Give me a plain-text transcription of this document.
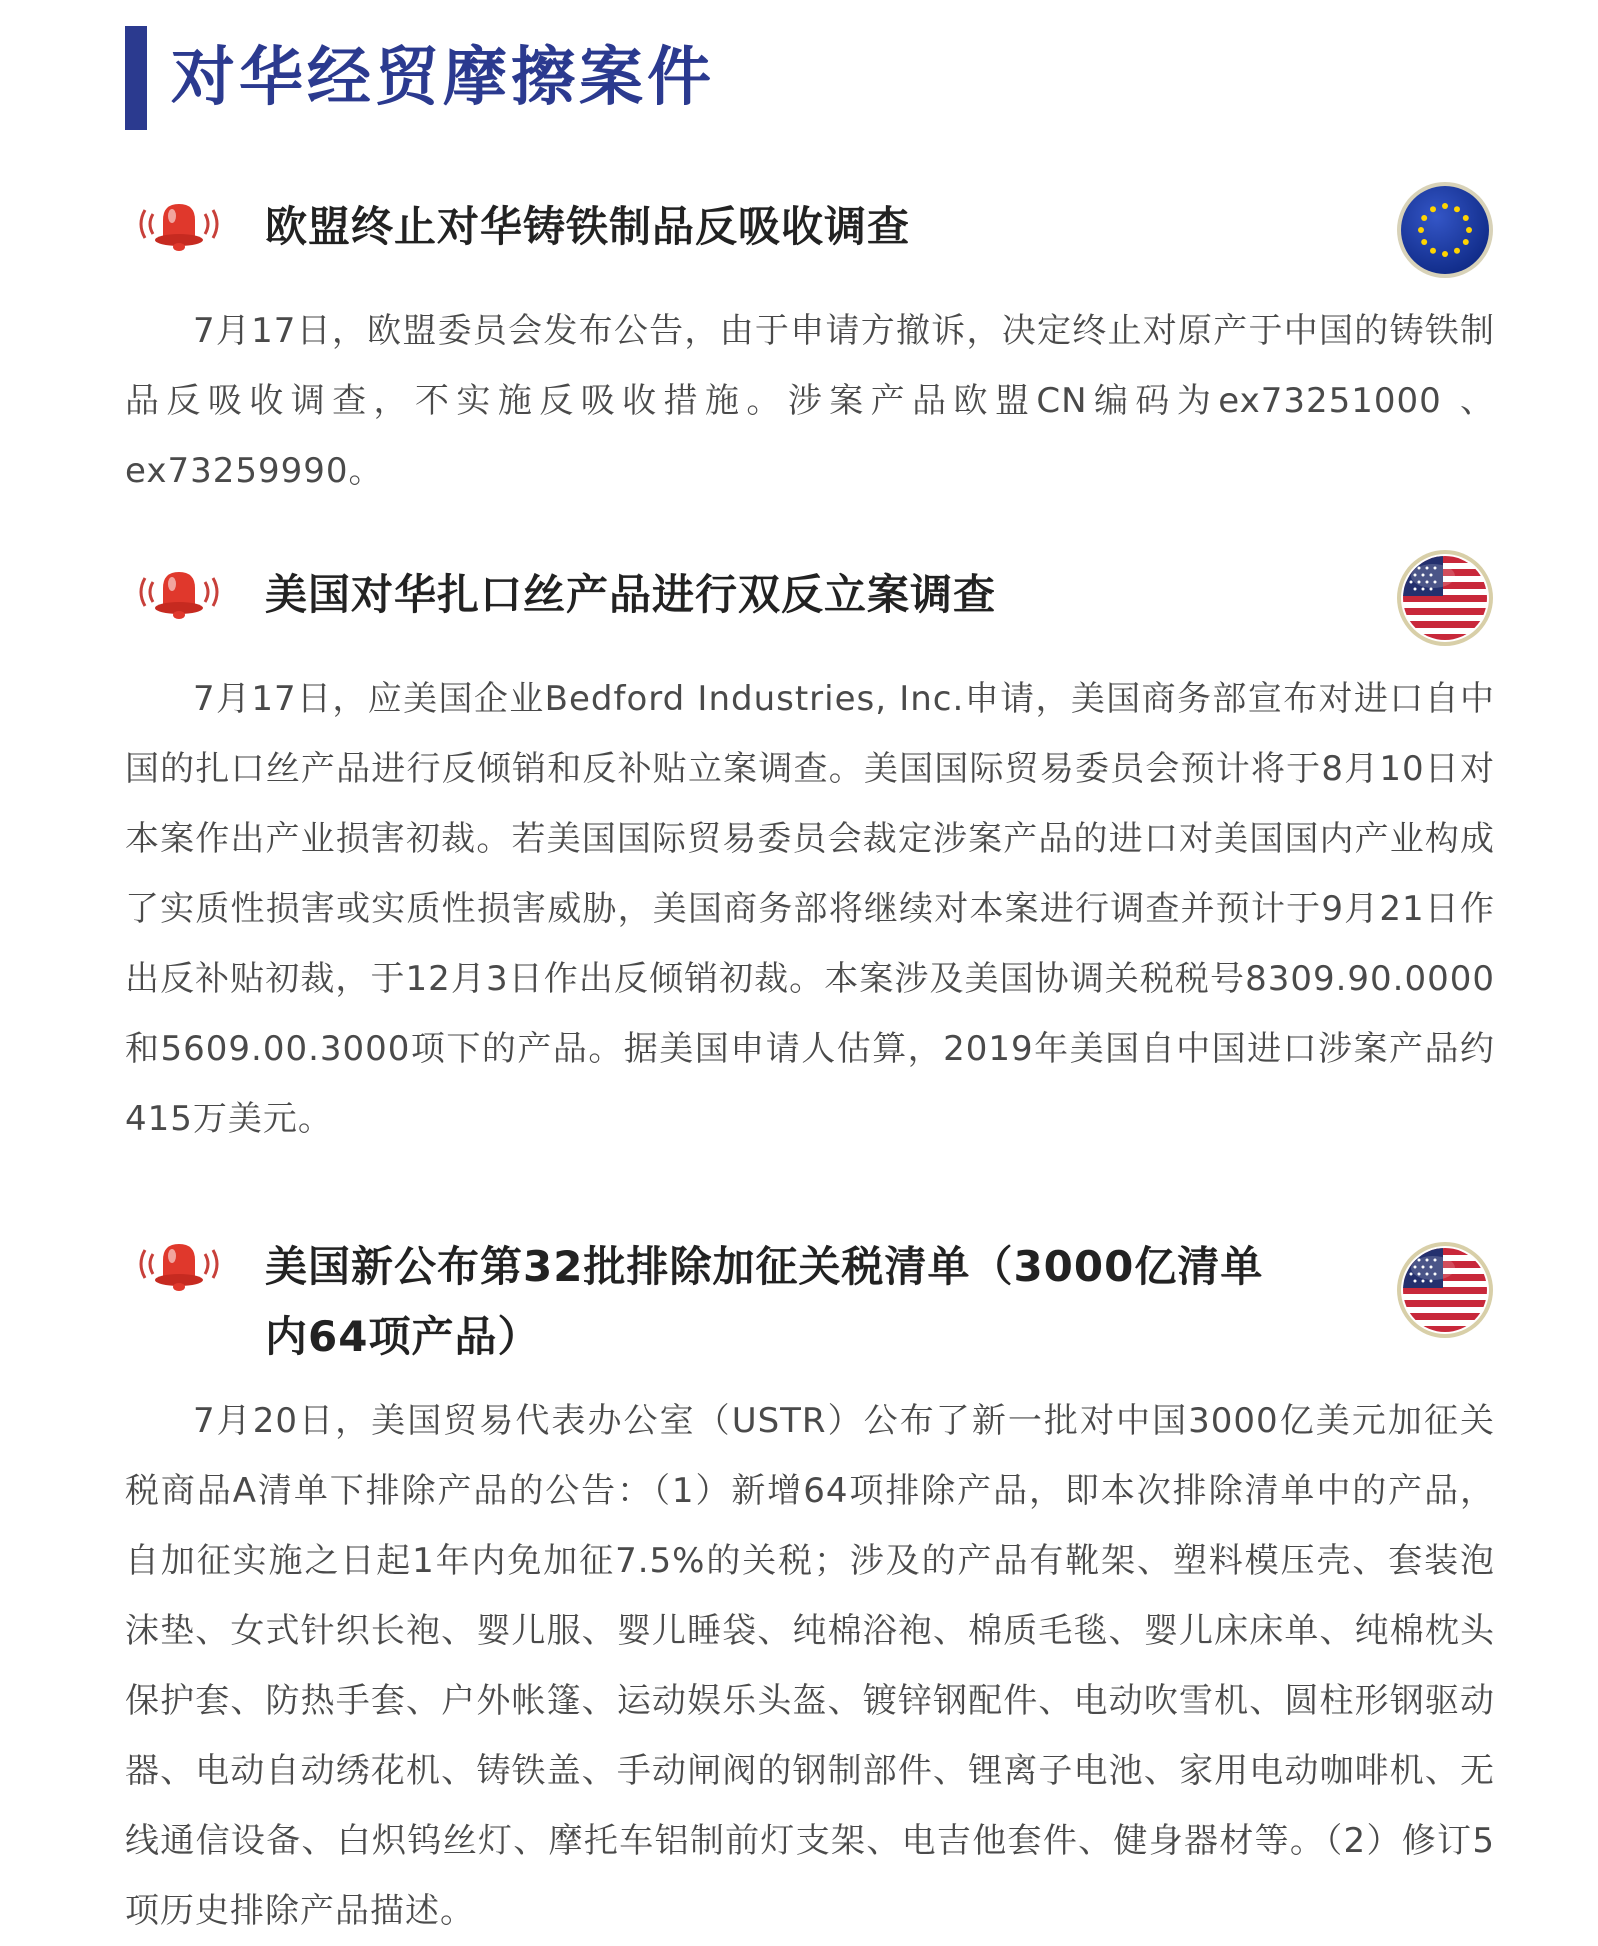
对华经贸摩擦案件
欧盟终止对华铸铁制品反吸收调查

7月17日，欧盟委员会发布公告，由于申请方撤诉，决定终止对原产于中国的铸铁制品反吸收调查，不实施反吸收措施。涉案产品欧盟CN编码为ex73251000 、ex73259990。

美国对华扎口丝产品进行双反立案调查

7月17日，应美国企业Bedford Industries, Inc.申请，美国商务部宣布对进口自中国的扎口丝产品进行反倾销和反补贴立案调查。美国国际贸易委员会预计将于8月10日对本案作出产业损害初裁。若美国国际贸易委员会裁定涉案产品的进口对美国国内产业构成了实质性损害或实质性损害威胁，美国商务部将继续对本案进行调查并预计于9月21日作出反补贴初裁，于12月3日作出反倾销初裁。本案涉及美国协调关税税号8309.90.0000和5609.00.3000项下的产品。据美国申请人估算，2019年美国自中国进口涉案产品约415万美元。

美国新公布第32批排除加征关税清单（3000亿清单内64项产品）

7月20日，美国贸易代表办公室（USTR）公布了新一批对中国3000亿美元加征关税商品A清单下排除产品的公告：（1）新增64项排除产品，即本次排除清单中的产品，自加征实施之日起1年内免加征7.5%的关税；涉及的产品有靴架、塑料模压壳、套装泡沫垫、女式针织长袍、婴儿服、婴儿睡袋、纯棉浴袍、棉质毛毯、婴儿床床单、纯棉枕头保护套、防热手套、户外帐篷、运动娱乐头盔、镀锌钢配件、电动吹雪机、圆柱形钢驱动器、电动自动绣花机、铸铁盖、手动闸阀的钢制部件、锂离子电池、家用电动咖啡机、无线通信设备、白炽钨丝灯、摩托车铝制前灯支架、电吉他套件、健身器材等。（2）修订5项历史排除产品描述。
